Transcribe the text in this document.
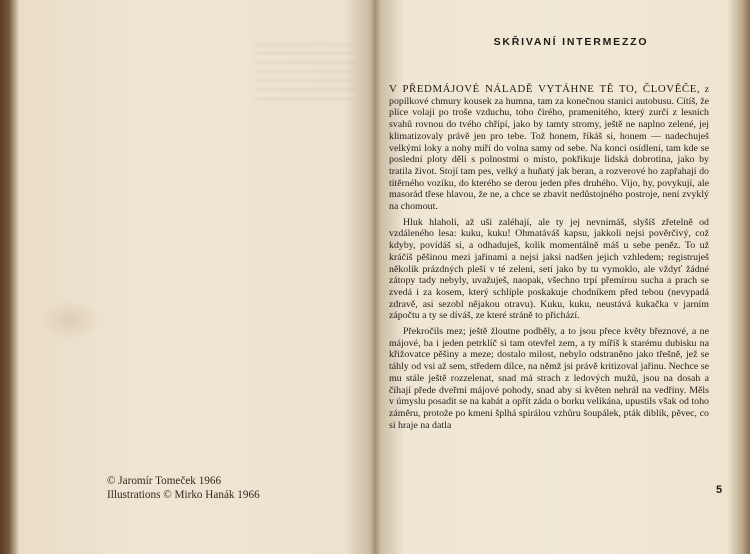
© Jaromír Tomeček 1966
Illustrations © Mirko Hanák 1966
SKŘIVANÍ INTERMEZZO

V PŘEDMÁJOVÉ NÁLADĚ VYTÁHNE TĚ TO, ČLOVĚČE, z popílkové chmury kousek za humna, tam za konečnou stanici autobusu. Cítíš, že plíce volají po troše vzduchu, toho čirého, pramenitého, který zurčí z lesních svahů rovnou do tvého chřípí, jako by tamty stromy, ještě ne naplno zelené, jej klimatizovaly právě jen pro tebe. Tož honem, říkáš si, honem — nadechuješ velkými loky a nohy míří do volna samy od sebe. Na konci osídlení, tam kde se poslední ploty dělí s polnostmi o místo, pokřikuje lidská dobrotina, jako by tratila život. Stojí tam pes, velký a huňatý jak beran, a rozverové ho zapřahají do titěrného vozíku, do kterého se derou jeden přes druhého. Vijo, hy, povykují, ale masorád třese hlavou, že ne, a chce se zbavit nedůstojného postroje, není zvyklý na chomout.

Hluk hlaholí, až uši zaléhají, ale ty jej nevnímáš, slyšíš zřetelně od vzdáleného lesa: kuku, kuku! Ohmatáváš kapsu, jakkoli nejsi pověrčivý, což kdyby, povídáš si, a odhaduješ, kolik momentálně máš u sebe peněz. To už kráčíš pěšinou mezi jařinami a nejsi jaksi nadšen jejich vzhledem; registruješ několik prázdných pleší v té zeleni, setí jako by tu vymoklo, ale vždyť žádné zátopy tady nebyly, uvažuješ, naopak, všechno trpí přemírou sucha a prach se zvedá i za kosem, který schlíple poskakuje chodníkem před tebou (nevypadá zdravě, asi sezobl nějakou otravu). Kuku, kuku, neustává kukačka v jarním zápočtu a ty se díváš, ze které stráně to přichází.

Překročils mez; ještě žloutne podběly, a to jsou přece květy březnové, a ne májové, ba i jeden petrklíč si tam otevřel zem, a ty míříš k starému dubisku na křižovatce pěšiny a meze; dostalo milost, nebylo odstraněno jako třešně, jež se táhly od vsi až sem, středem dílce, na němž jsi právě kritizoval jařinu. Nechce se mu stále ještě rozzelenat, snad má strach z ledových mužů, jsou na dosah a číhají přede dveřmi májové pohody, snad aby si květen nehrál na vedříny. Měls v úmyslu posadit se na kabát a opřít záda o borku velikána, upustils však od toho záměru, protože po kmeni šplhá spirálou vzhůru šoupálek, pták diblík, pěvec, co si hraje na datla

5
